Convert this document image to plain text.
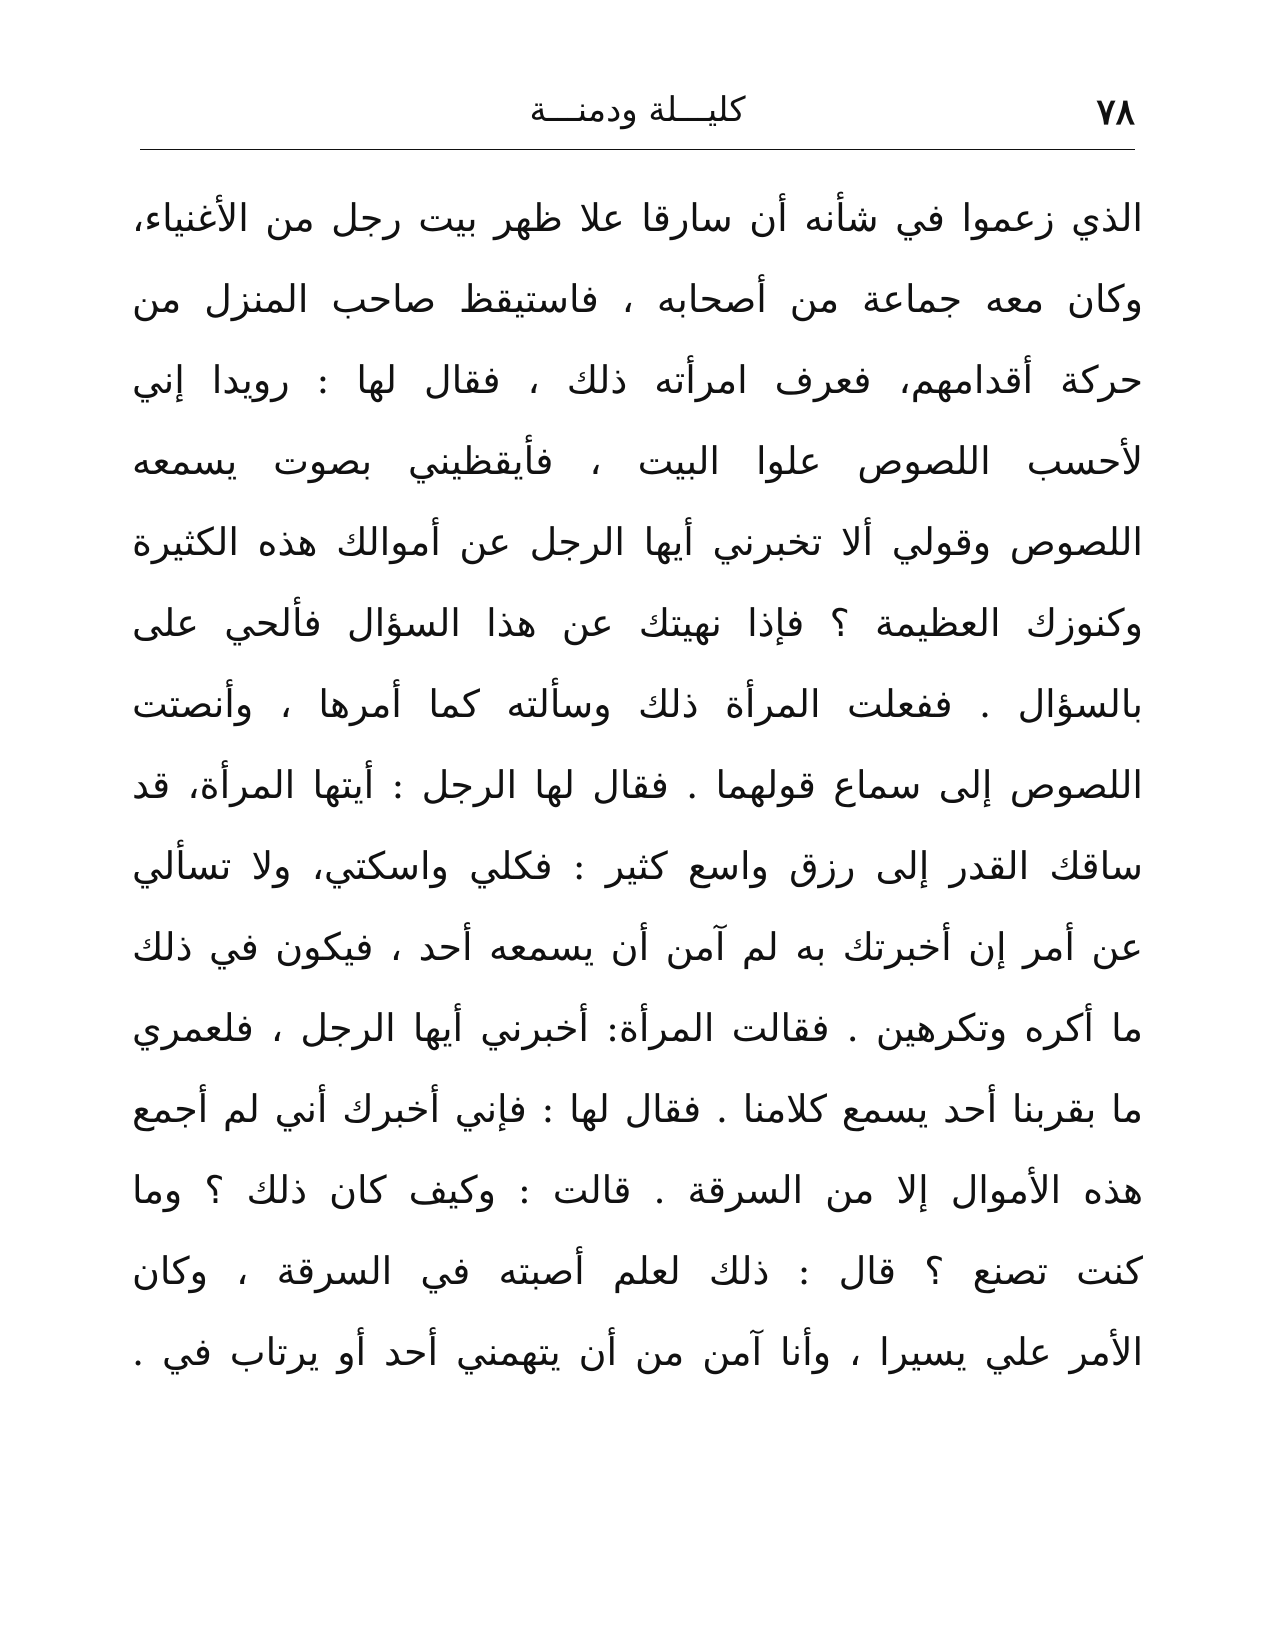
٧٨
كليـــلة ودمنـــة
الذي زعموا في شأنه أن سارقا علا ظهر بيت رجل من الأغنياء،
وكان معه جماعة من أصحابه ، فاستيقظ صاحب المنزل من
حركة أقدامهم، فعرف امرأته ذلك ، فقال لها : رويدا إني
لأحسب اللصوص علوا البيت ، فأيقظيني بصوت يسمعه
اللصوص وقولي ألا تخبرني أيها الرجل عن أموالك هذه الكثيرة
وكنوزك العظيمة ؟ فإذا نهيتك عن هذا السؤال فألحي على
بالسؤال . ففعلت المرأة ذلك وسألته كما أمرها ، وأنصتت
اللصوص إلى سماع قولهما . فقال لها الرجل : أيتها المرأة، قد
ساقك القدر إلى رزق واسع كثير : فكلي واسكتي، ولا تسألي
عن أمر إن أخبرتك به لم آمن أن يسمعه أحد ، فيكون في ذلك
ما أكره وتكرهين . فقالت المرأة: أخبرني أيها الرجل ، فلعمري
ما بقربنا أحد يسمع كلامنا . فقال لها : فإني أخبرك أني لم أجمع
هذه الأموال إلا من السرقة . قالت : وكيف كان ذلك ؟ وما
كنت تصنع ؟ قال : ذلك لعلم أصبته في السرقة ، وكان
الأمر علي يسيرا ، وأنا آمن من أن يتهمني أحد أو يرتاب في .
